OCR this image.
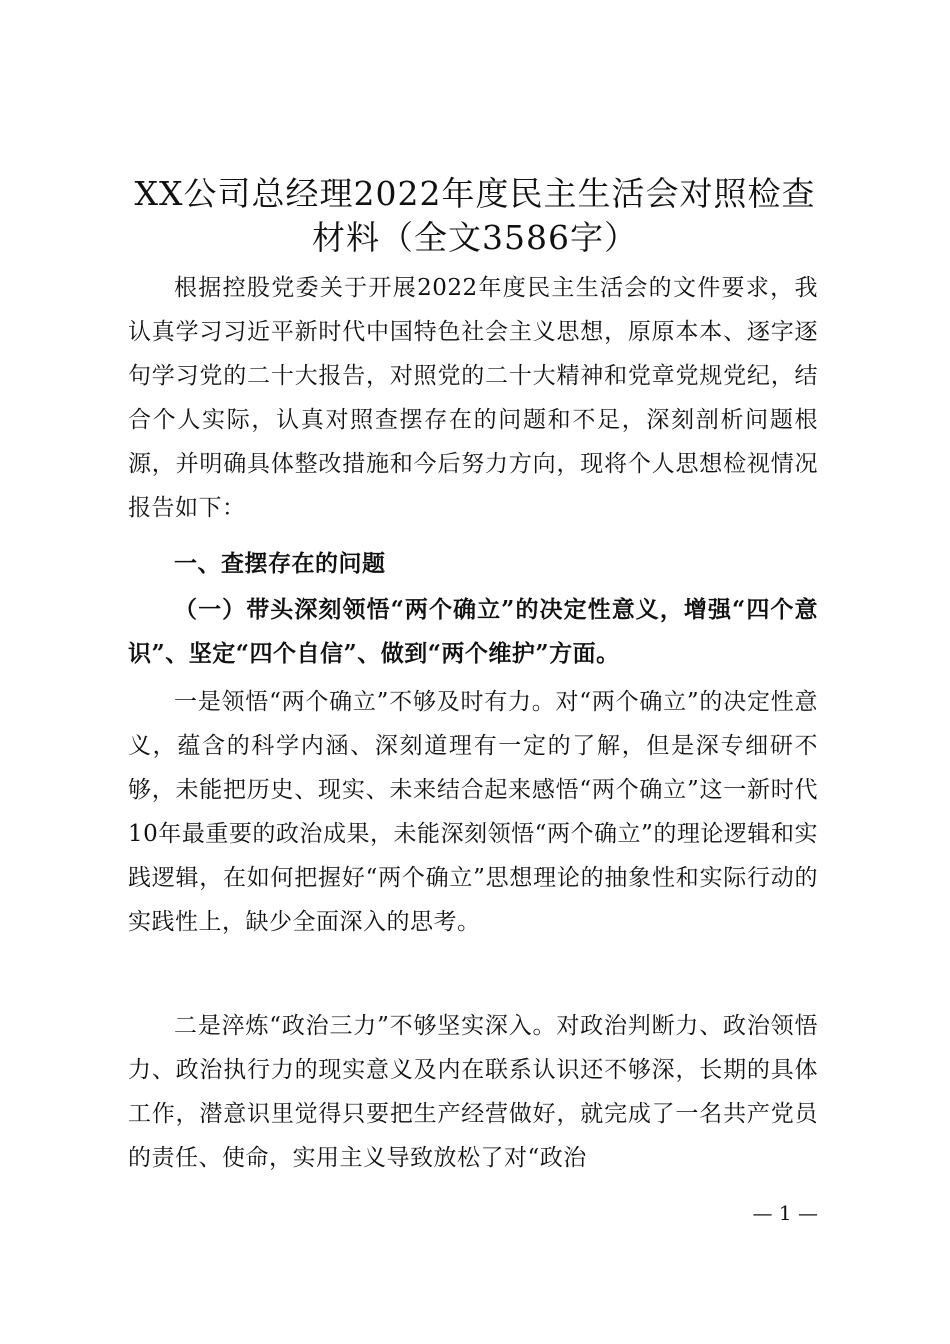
XX公司总经理2022年度民主生活会对照检查
材料（全文3586字）

根据控股党委关于开展2022年度民主生活会的文件要求，我认真学习习近平新时代中国特色社会主义思想，原原本本、逐字逐句学习党的二十大报告，对照党的二十大精神和党章党规党纪，结合个人实际，认真对照查摆存在的问题和不足，深刻剖析问题根源，并明确具体整改措施和今后努力方向，现将个人思想检视情况报告如下：

一、查摆存在的问题

（一）带头深刻领悟“两个确立”的决定性意义，增强“四个意识”、坚定“四个自信”、做到“两个维护”方面。

一是领悟“两个确立”不够及时有力。对“两个确立”的决定性意义，蕴含的科学内涵、深刻道理有一定的了解，但是深专细研不够，未能把历史、现实、未来结合起来感悟“两个确立”这一新时代10年最重要的政治成果，未能深刻领悟“两个确立”的理论逻辑和实践逻辑，在如何把握好“两个确立”思想理论的抽象性和实际行动的实践性上，缺少全面深入的思考。

二是淬炼“政治三力”不够坚实深入。对政治判断力、政治领悟力、政治执行力的现实意义及内在联系认识还不够深，长期的具体工作，潜意识里觉得只要把生产经营做好，就完成了一名共产党员的责任、使命，实用主义导致放松了对“政治

— 1 —
